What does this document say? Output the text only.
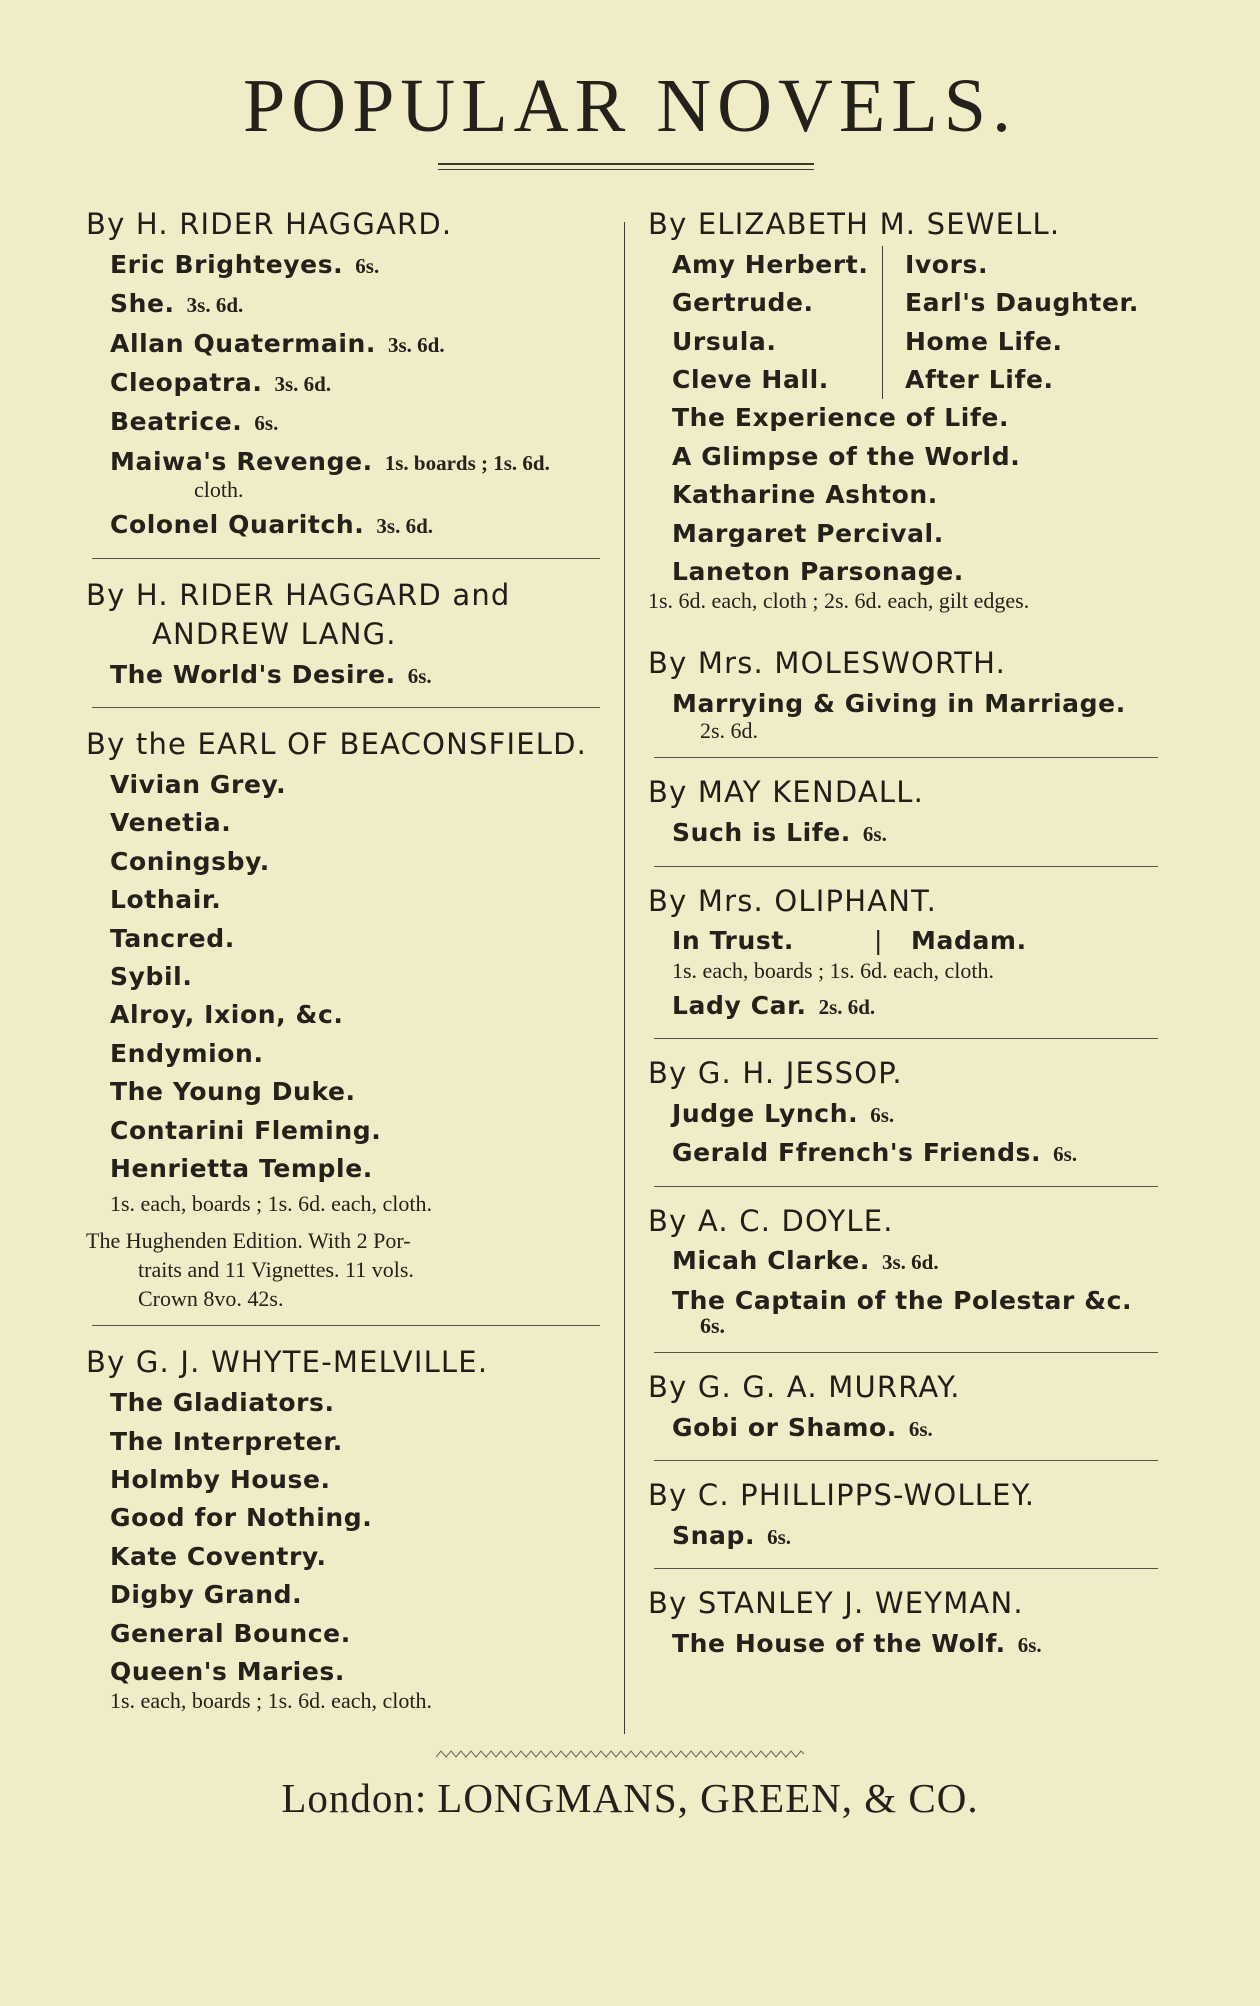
POPULAR NOVELS.
By H. RIDER HAGGARD.
Eric Brighteyes. 6s.
She. 3s. 6d.
Allan Quatermain. 3s. 6d.
Cleopatra. 3s. 6d.
Beatrice. 6s.
Maiwa's Revenge. 1s. boards ; 1s. 6d.
cloth.
Colonel Quaritch. 3s. 6d.
By H. RIDER HAGGARD and
ANDREW LANG.
The World's Desire. 6s.
By the EARL OF BEACONSFIELD.
Vivian Grey.
Venetia.
Coningsby.
Lothair.
Tancred.
Sybil.
Alroy, Ixion, &c.
Endymion.
The Young Duke.
Contarini Fleming.
Henrietta Temple.
1s. each, boards ; 1s. 6d. each, cloth.
The Hughenden Edition. With 2 Por-
traits and 11 Vignettes. 11 vols.
Crown 8vo. 42s.
By G. J. WHYTE-MELVILLE.
The Gladiators.
The Interpreter.
Holmby House.
Good for Nothing.
Kate Coventry.
Digby Grand.
General Bounce.
Queen's Maries.
1s. each, boards ; 1s. 6d. each, cloth.
By ELIZABETH M. SEWELL.
Amy Herbert.
Gertrude.
Ursula.
Cleve Hall.
Ivors.
Earl's Daughter.
Home Life.
After Life.
The Experience of Life.
A Glimpse of the World.
Katharine Ashton.
Margaret Percival.
Laneton Parsonage.
1s. 6d. each, cloth ; 2s. 6d. each, gilt edges.
By Mrs. MOLESWORTH.
Marrying & Giving in Marriage.
2s. 6d.
By MAY KENDALL.
Such is Life. 6s.
By Mrs. OLIPHANT.
In Trust.	| Madam.
1s. each, boards ; 1s. 6d. each, cloth.
Lady Car. 2s. 6d.
By G. H. JESSOP.
Judge Lynch. 6s.
Gerald Ffrench's Friends. 6s.
By A. C. DOYLE.
Micah Clarke. 3s. 6d.
The Captain of the Polestar &c.
6s.
By G. G. A. MURRAY.
Gobi or Shamo. 6s.
By C. PHILLIPPS-WOLLEY.
Snap. 6s.
By STANLEY J. WEYMAN.
The House of the Wolf. 6s.
London: LONGMANS, GREEN, & CO.
